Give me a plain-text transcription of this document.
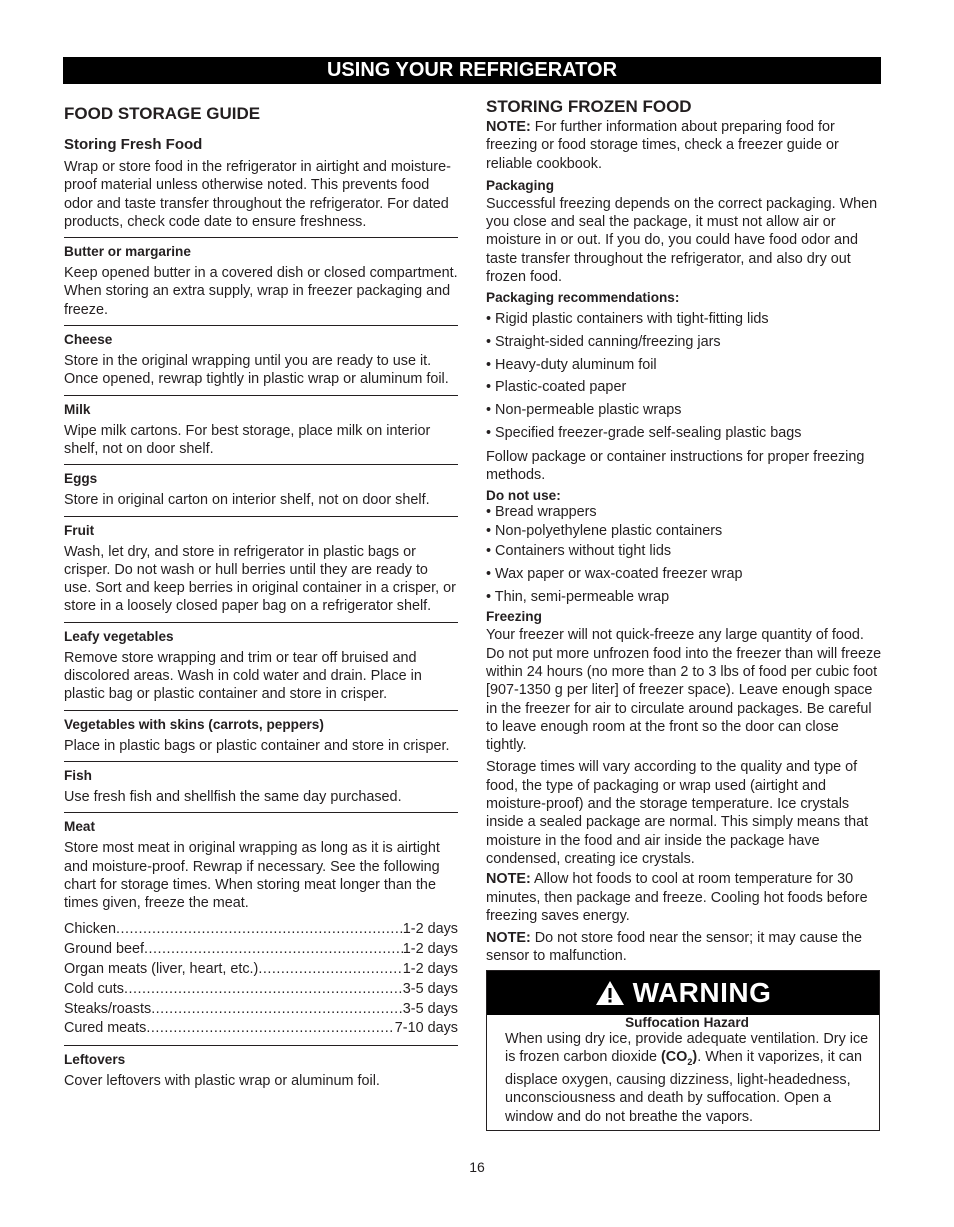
USING YOUR REFRIGERATOR
FOOD STORAGE GUIDE
Storing Fresh Food

Wrap or store food in the refrigerator in airtight and moisture-proof material unless otherwise noted. This prevents food odor and taste transfer throughout the refrigerator. For dated products, check code date to ensure freshness.

Butter or margarine

Keep opened butter in a covered dish or closed compartment. When storing an extra supply, wrap in freezer packaging and freeze.

Cheese

Store in the original wrapping until you are ready to use it. Once opened, rewrap tightly in plastic wrap or aluminum foil.

Milk

Wipe milk cartons. For best storage, place milk on interior shelf, not on door shelf.

Eggs

Store in original carton on interior shelf, not on door shelf.

Fruit

Wash, let dry, and store in refrigerator in plastic bags or crisper. Do not wash or hull berries until they are ready to use. Sort and keep berries in original container in a crisper, or store in a loosely closed paper bag on a refrigerator shelf.

Leafy vegetables

Remove store wrapping and trim or tear off bruised and discolored areas. Wash in cold water and drain. Place in plastic bag or plastic container and store in crisper.

Vegetables with skins (carrots, peppers)

Place in plastic bags or plastic container and store in crisper.

Fish

Use fresh fish and shellfish the same day purchased.

Meat

Store most meat in original wrapping as long as it is airtight and moisture-proof. Rewrap if necessary. See the following chart for storage times. When storing meat longer than the times given, freeze the meat.

Chicken .....	1-2 days
Ground beef .....	1-2 days
Organ meats (liver, heart, etc.) .....	1-2 days
Cold cuts .....	3-5 days
Steaks/roasts .....	3-5 days
Cured meats .....	7-10 days
Leftovers

Cover leftovers with plastic wrap or aluminum foil.

STORING FROZEN FOOD

NOTE: For further information about preparing food for freezing or food storage times, check a freezer guide or reliable cookbook.

Packaging

Successful freezing depends on the correct packaging. When you close and seal the package, it must not allow air or moisture in or out. If you do, you could have food odor and taste transfer throughout the refrigerator, and also dry out frozen food.

Packaging recommendations:
• Rigid plastic containers with tight-fitting lids
• Straight-sided canning/freezing jars
• Heavy-duty aluminum foil
• Plastic-coated paper
• Non-permeable plastic wraps
• Specified freezer-grade self-sealing plastic bags

Follow package or container instructions for proper freezing methods.

Do not use:
• Bread wrappers
• Non-polyethylene plastic containers
• Containers without tight lids
• Wax paper or wax-coated freezer wrap
• Thin, semi-permeable wrap
Freezing

Your freezer will not quick-freeze any large quantity of food. Do not put more unfrozen food into the freezer than will freeze within 24 hours (no more than 2 to 3 lbs of food per cubic foot [907-1350 g per liter] of freezer space). Leave enough space in the freezer for air to circulate around packages. Be careful to leave enough room at the front so the door can close tightly.

Storage times will vary according to the quality and type of food, the type of packaging or wrap used (airtight and moisture-proof) and the storage temperature. Ice crystals inside a sealed package are normal. This simply means that moisture in the food and air inside the package have condensed, creating ice crystals.

NOTE: Allow hot foods to cool at room temperature for 30 minutes, then package and freeze. Cooling hot foods before freezing saves energy.

NOTE: Do not store food near the sensor; it may cause the sensor to malfunction.

WARNING
Suffocation Hazard

When using dry ice, provide adequate ventilation. Dry ice is frozen carbon dioxide $(CO_2)$. When it vaporizes, it can displace oxygen, causing dizziness, light-headedness, unconsciousness and death by suffocation. Open a window and do not breathe the vapors.

16
